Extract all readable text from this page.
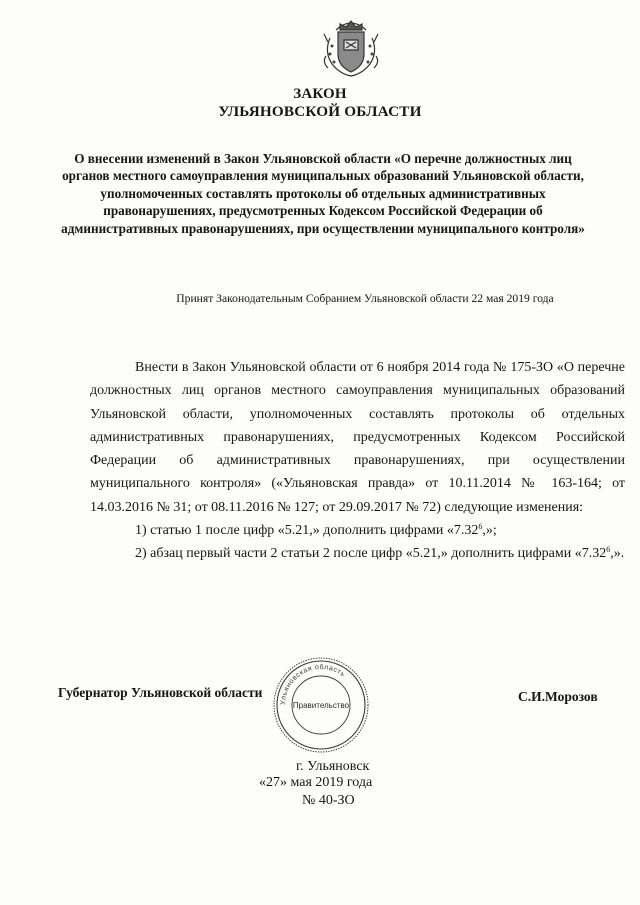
ЗАКОН
УЛЬЯНОВСКОЙ ОБЛАСТИ
О внесении изменений в Закон Ульяновской области «О перечне должностных лиц органов местного самоуправления муниципальных образований Ульяновской области, уполномоченных составлять протоколы об отдельных административных правонарушениях, предусмотренных Кодексом Российской Федерации об административных правонарушениях, при осуществлении муниципального контроля»
Принят Законодательным Собранием Ульяновской области 22 мая 2019 года

Внести в Закон Ульяновской области от 6 ноября 2014 года № 175-ЗО «О перечне должностных лиц органов местного самоуправления муниципальных образований Ульяновской области, уполномоченных составлять протоколы об отдельных административных правонарушениях, предусмотренных Кодексом Российской Федерации об административных правонарушениях, при осуществлении муниципального контроля» («Ульяновская правда» от 10.11.2014 № 163-164; от 14.03.2016 № 31; от 08.11.2016 № 127; от 29.09.2017 № 72) следующие изменения:

1) статью 1 после цифр «5.21,» дополнить цифрами «7.32$^6$,»;

2) абзац первый части 2 статьи 2 после цифр «5.21,» дополнить цифрами «7.32$^6$,».

Губернатор Ульяновской области	С.И.Морозов
Ульяновская область
Правительство
г. Ульяновск
«27» мая 2019 года
№ 40-ЗО
